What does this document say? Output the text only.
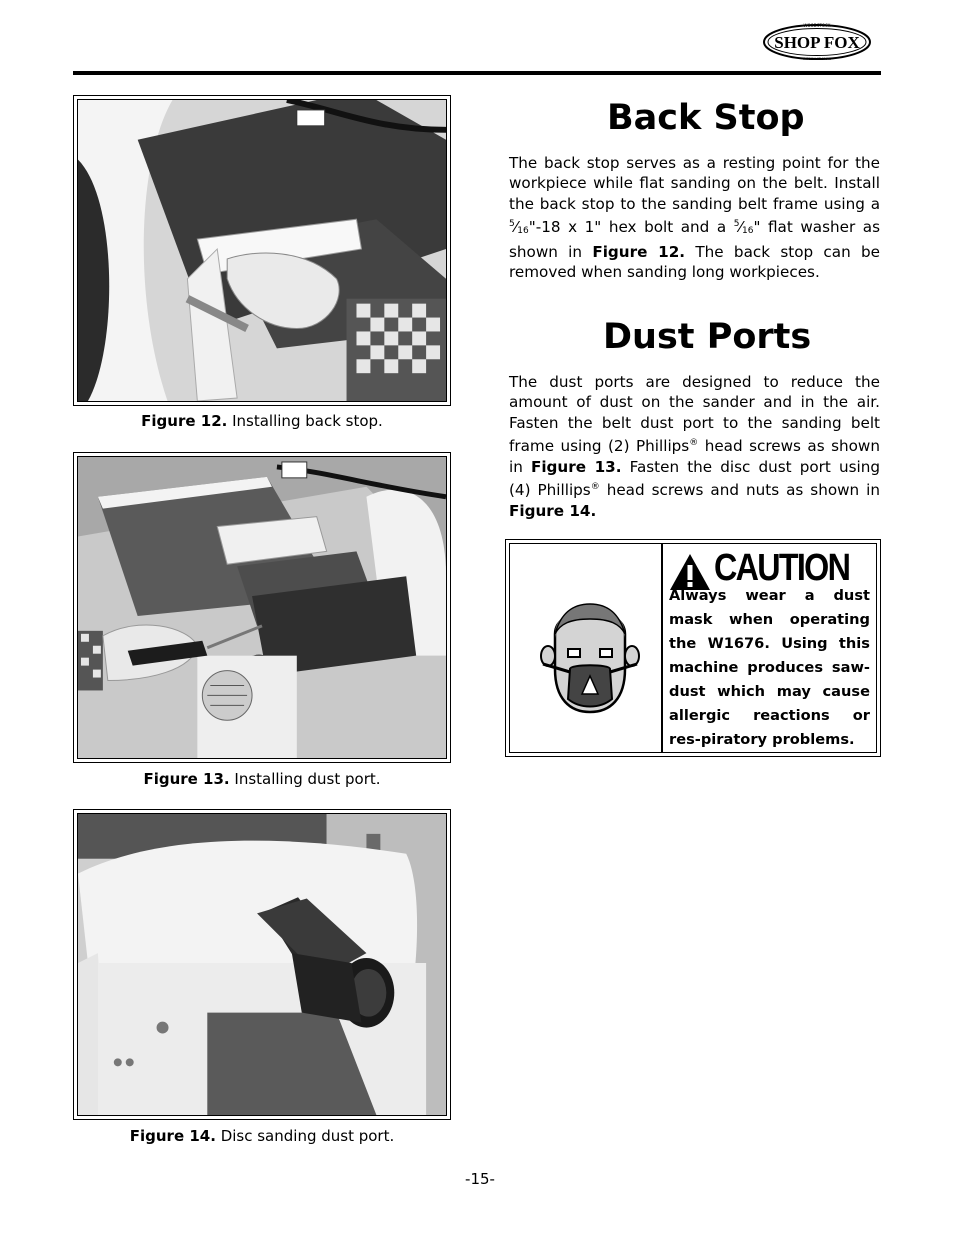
SHOP FOX
WOODSTOCK
INTERNATIONAL
Figure 12. Installing back stop.
Figure 13. Installing dust port.
Figure 14. Disc sanding dust port.
Back Stop

The back stop serves as a resting point for the workpiece while flat sanding on the belt. Install the back stop to the sanding belt frame using a $^5⁄_{16}"-18$ x 1" hex bolt and a $^5⁄_{16}$" flat washer as shown in Figure 12. The back stop can be removed when sanding long workpieces.

Dust Ports

The dust ports are designed to reduce the amount of dust on the sander and in the air. Fasten the belt dust port to the sanding belt frame using (2) Phillips® head screws as shown in Figure 13. Fasten the disc dust port using (4) Phillips® head screws and nuts as shown in Figure 14.

CAUTION

Always wear a dust mask when operating the W1676. Using this machine produces saw-dust which may cause allergic reactions or res-piratory problems.

-15-
